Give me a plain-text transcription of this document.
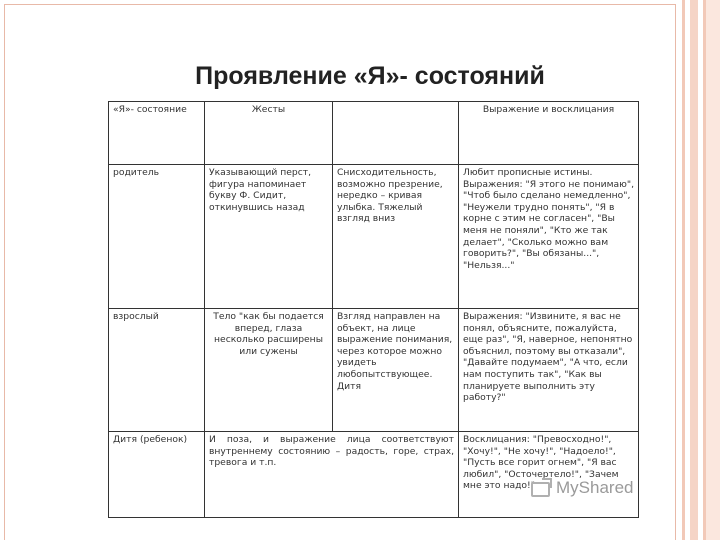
Проявление «Я»- состояний
«Я»- состояние	Жесты		Выражение и восклицания
родитель	Указывающий перст, фигура напоминает букву Ф. Сидит, откинувшись назад	Снисходительность, возможно презрение, нередко – кривая улыбка. Тяжелый взгляд вниз	Любит прописные истины. Выражения: "Я этого не понимаю", "Чтоб было сделано немедленно", "Неужели трудно понять", "Я в корне с этим не согласен", "Вы меня не поняли", "Кто же так делает", "Сколько можно вам говорить?", "Вы обязаны...", "Нельзя..."
взрослый	Тело "как бы подается вперед, глаза несколько расширены или сужены	Взгляд направлен на объект, на лице выражение понимания, через которое можно увидеть любопытствующее. Дитя	Выражения: "Извините, я вас не понял, объясните, пожалуйста, еще раз", "Я, наверное, непонятно объяснил, поэтому вы отказали", "Давайте подумаем", "А что, если нам поступить так", "Как вы планируете выполнить эту работу?"
Дитя (ребенок)	И поза, и выражение лица соответствуют внутреннему состоянию – радость, горе, страх, тревога и т.п.		Восклицания: "Превосходно!", "Хочу!", "Не хочу!", "Надоело!", "Пусть все горит огнем", "Я вас любил", "Осточертело!", "Зачем мне это надо!" MyShared
